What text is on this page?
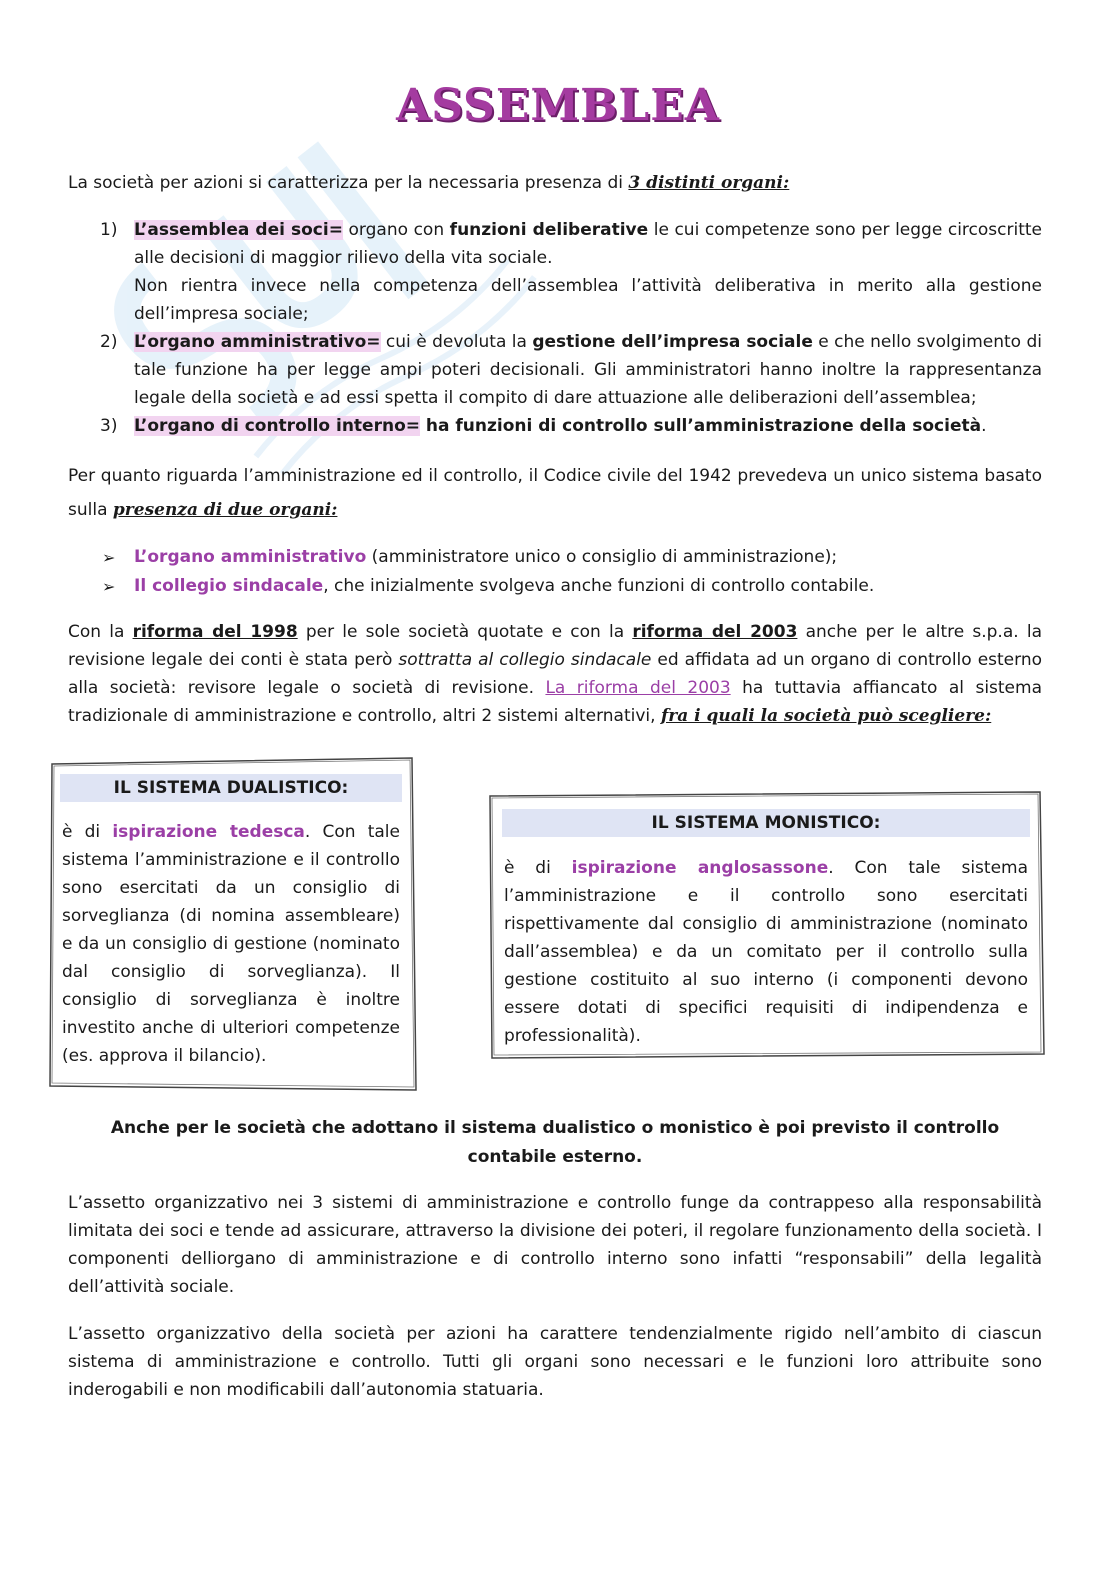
ASSEMBLEA

La società per azioni si caratterizza per la necessaria presenza di 3 distinti organi:

1) L’assemblea dei soci= organo con funzioni deliberative le cui competenze sono per legge circoscritte alle decisioni di maggior rilievo della vita sociale.
Non rientra invece nella competenza dell’assemblea l’attività deliberativa in merito alla gestione dell’impresa sociale;
2) L’organo amministrativo= cui è devoluta la gestione dell’impresa sociale e che nello svolgimento di tale funzione ha per legge ampi poteri decisionali. Gli amministratori hanno inoltre la rappresentanza legale della società e ad essi spetta il compito di dare attuazione alle deliberazioni dell’assemblea;
3) L’organo di controllo interno= ha funzioni di controllo sull’amministrazione della società.

Per quanto riguarda l’amministrazione ed il controllo, il Codice civile del 1942 prevedeva un unico sistema basato sulla presenza di due organi:

➢ L’organo amministrativo (amministratore unico o consiglio di amministrazione);
➢ Il collegio sindacale, che inizialmente svolgeva anche funzioni di controllo contabile.

Con la riforma del 1998 per le sole società quotate e con la riforma del 2003 anche per le altre s.p.a. la revisione legale dei conti è stata però sottratta al collegio sindacale ed affidata ad un organo di controllo esterno alla società: revisore legale o società di revisione. La riforma del 2003 ha tuttavia affiancato al sistema tradizionale di amministrazione e controllo, altri 2 sistemi alternativi, fra i quali la società può scegliere:

IL SISTEMA DUALISTICO:

è di ispirazione tedesca. Con tale sistema l’amministrazione e il controllo sono esercitati da un consiglio di sorveglianza (di nomina assembleare) e da un consiglio di gestione (nominato dal consiglio di sorveglianza). Il consiglio di sorveglianza è inoltre investito anche di ulteriori competenze (es. approva il bilancio).

IL SISTEMA MONISTICO:

è di ispirazione anglosassone. Con tale sistema l’amministrazione e il controllo sono esercitati rispettivamente dal consiglio di amministrazione (nominato dall’assemblea) e da un comitato per il controllo sulla gestione costituito al suo interno (i componenti devono essere dotati di specifici requisiti di indipendenza e professionalità).

Anche per le società che adottano il sistema dualistico o monistico è poi previsto il controllo contabile esterno.

L’assetto organizzativo nei 3 sistemi di amministrazione e controllo funge da contrappeso alla responsabilità limitata dei soci e tende ad assicurare, attraverso la divisione dei poteri, il regolare funzionamento della società. I componenti delliorgano di amministrazione e di controllo interno sono infatti “responsabili” della legalità dell’attività sociale.

L’assetto organizzativo della società per azioni ha carattere tendenzialmente rigido nell’ambito di ciascun sistema di amministrazione e controllo. Tutti gli organi sono necessari e le funzioni loro attribuite sono inderogabili e non modificabili dall’autonomia statuaria.
